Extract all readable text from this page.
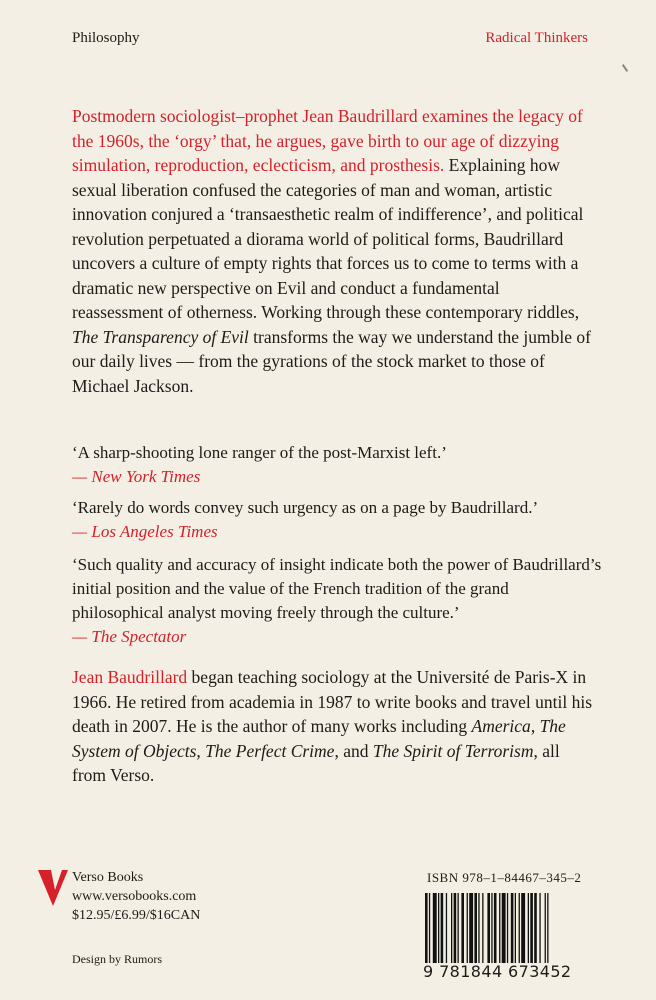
Philosophy	Radical Thinkers
Postmodern sociologist–prophet Jean Baudrillard examines the legacy of the 1960s, the ‘orgy’ that, he argues, gave birth to our age of dizzying simulation, reproduction, eclecticism, and prosthesis. Explaining how sexual liberation confused the categories of man and woman, artistic innovation conjured a ‘transaesthetic realm of indifference’, and political revolution perpetuated a diorama world of political forms, Baudrillard uncovers a culture of empty rights that forces us to come to terms with a dramatic new perspective on Evil and conduct a fundamental reassessment of otherness. Working through these contemporary riddles, The Transparency of Evil transforms the way we understand the jumble of our daily lives — from the gyrations of the stock market to those of Michael Jackson.
‘A sharp-shooting lone ranger of the post-Marxist left.’
— New York Times
‘Rarely do words convey such urgency as on a page by Baudrillard.’
— Los Angeles Times
‘Such quality and accuracy of insight indicate both the power of Baudrillard’s initial position and the value of the French tradition of the grand philosophical analyst moving freely through the culture.’
— The Spectator
Jean Baudrillard began teaching sociology at the Université de Paris-X in 1966. He retired from academia in 1987 to write books and travel until his death in 2007. He is the author of many works including America, The System of Objects, The Perfect Crime, and The Spirit of Terrorism, all from Verso.
Verso Books
www.versobooks.com
$12.95/£6.99/$16CAN
Design by Rumors
ISBN 978–1–84467–345–2
9 781844 673452
